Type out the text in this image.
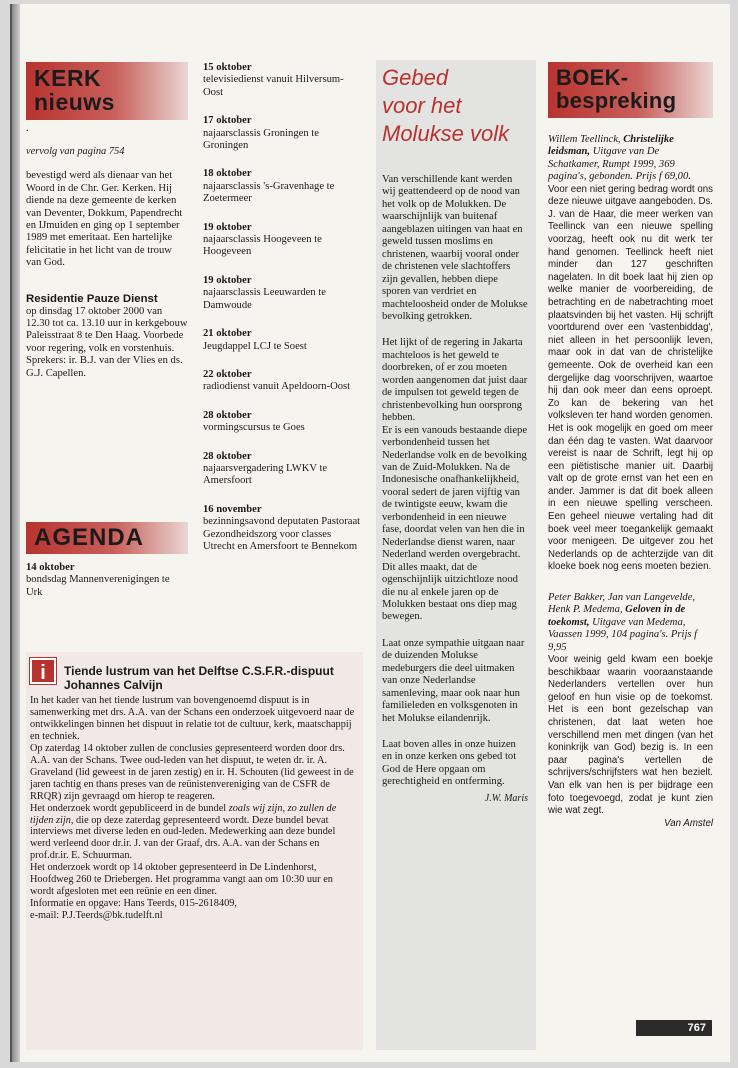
KERK
nieuws
.
vervolg van pagina 754
bevestigd werd als dienaar van het Woord in de Chr. Ger. Kerken. Hij diende na deze gemeente de kerken van Deventer, Dokkum, Papendrecht en IJmuiden en ging op 1 september 1989 met emeritaat. Een hartelijke felicitatie in het licht van de trouw van God.
Residentie Pauze Dienst
op dinsdag 17 oktober 2000 van 12.30 tot ca. 13.10 uur in kerkgebouw Paleisstraat 8 te Den Haag. Voorbede voor regering, volk en vorstenhuis. Sprekers: ir. B.J. van der Vlies en ds. G.J. Capellen.
AGENDA
14 oktober
bondsdag Mannenverenigingen te Urk
15 oktober
televisiedienst vanuit Hilversum-Oost
17 oktober
najaarsclassis Groningen te Groningen
18 oktober
najaarsclassis 's-Gravenhage te Zoetermeer
19 oktober
najaarsclassis Hoogeveen te Hoogeveen
19 oktober
najaarsclassis Leeuwarden te Damwoude
21 oktober
Jeugdappel LCJ te Soest
22 oktober
radiodienst vanuit Apeldoorn-Oost
28 oktober
vormingscursus te Goes
28 oktober
najaarsvergadering LWKV te Amersfoort
16 november
bezinningsavond deputaten Pastoraat Gezondheidszorg voor classes Utrecht en Amersfoort te Bennekom
i	Tiende lustrum van het Delftse C.S.F.R.-dispuut Johannes Calvijn

In het kader van het tiende lustrum van bovengenoemd dispuut is in samenwerking met drs. A.A. van der Schans een onderzoek uitgevoerd naar de ontwikkelingen binnen het dispuut in relatie tot de cultuur, kerk, maatschappij en techniek.

Op zaterdag 14 oktober zullen de conclusies gepresenteerd worden door drs. A.A. van der Schans. Twee oud-leden van het dispuut, te weten dr. ir. A. Graveland (lid geweest in de jaren zestig) en ir. H. Schouten (lid geweest in de jaren tachtig en thans preses van de reünistenvereniging van de CSFR de RRQR) zijn gevraagd om hierop te reageren.

Het onderzoek wordt gepubliceerd in de bundel zoals wij zijn, zo zullen de tijden zijn, die op deze zaterdag gepresenteerd wordt. Deze bundel bevat interviews met diverse leden en oud-leden. Medewerking aan deze bundel werd verleend door dr.ir. J. van der Graaf, drs. A.A. van der Schans en prof.dr.ir. E. Schuurman.

Het onderzoek wordt op 14 oktober gepresenteerd in De Lindenhorst, Hoofdweg 260 te Driebergen. Het programma vangt aan om 10:30 uur en wordt afgesloten met een reünie en een diner.

Informatie en opgave: Hans Teerds, 015-2618409,

e-mail: P.J.Teerds@bk.tudelft.nl

Gebed
voor het
Molukse volk
Van verschillende kant werden wij geattendeerd op de nood van het volk op de Molukken. De waarschijnlijk van buitenaf aangeblazen uitingen van haat en geweld tussen moslims en christenen, waarbij vooral onder de christenen vele slachtoffers zijn gevallen, hebben diepe sporen van verdriet en machteloosheid onder de Molukse bevolking getrokken.
Het lijkt of de regering in Jakarta machteloos is het geweld te doorbreken, of er zou moeten worden aangenomen dat juist daar de impulsen tot geweld tegen de christenbevolking hun oorsprong hebben.
Er is een vanouds bestaande diepe verbondenheid tussen het Nederlandse volk en de bevolking van de Zuid-Molukken. Na de Indonesische onafhankelijkheid, vooral sedert de jaren vijftig van de twintigste eeuw, kwam die verbondenheid in een nieuwe fase, doordat velen van hen die in Nederlandse dienst waren, naar Nederland werden overgebracht. Dit alles maakt, dat de ogenschijnlijk uitzichtloze nood die nu al enkele jaren op de Molukken bestaat ons diep mag bewegen.
Laat onze sympathie uitgaan naar de duizenden Molukse medeburgers die deel uitmaken van onze Nederlandse samenleving, maar ook naar hun familieleden en volksgenoten in het Molukse eilandenrijk.
Laat boven alles in onze huizen en in onze kerken ons gebed tot God de Here opgaan om gerechtigheid en ontferming.
J.W. Maris
BOEK-
bespreking
Willem Teellinck, Christelijke leidsman, Uitgave van De Schatkamer, Rumpt 1999, 369 pagina's, gebonden. Prijs f 69,00.
Voor een niet gering bedrag wordt ons deze nieuwe uitgave aangeboden. Ds. J. van de Haar, die meer werken van Teellinck van een nieuwe spelling voorzag, heeft ook nu dit werk ter hand genomen. Teellinck heeft niet minder dan 127 geschriften nagelaten. In dit boek laat hij zien op welke manier de voorbereiding, de betrachting en de nabetrachting moet plaatsvinden bij het vasten. Hij schrijft voortdurend over een 'vastenbiddag', niet alleen in het persoonlijk leven, maar ook in dat van de christelijke gemeente. Ook de overheid kan een dergelijke dag voorschrijven, waartoe hij dan ook meer dan eens oproept. Zo kan de bekering van het volksleven ter hand worden genomen. Het is ook mogelijk en goed om meer dan één dag te vasten. Wat daarvoor vereist is naar de Schrift, legt hij op een piëtistische manier uit. Daarbij valt op de grote ernst van het een en ander. Jammer is dat dit boek alleen in een nieuwe spelling verscheen. Een geheel nieuwe vertaling had dit boek veel meer toegankelijk gemaakt voor menigeen. De uitgever zou het Nederlands op de achterzijde van dit kloeke boek nog eens moeten bezien.
Peter Bakker, Jan van Langevelde, Henk P. Medema, Geloven in de toekomst, Uitgave van Medema, Vaassen 1999, 104 pagina's. Prijs f 9,95
Voor weinig geld kwam een boekje beschikbaar waarin vooraanstaande Nederlanders vertellen over hun geloof en hun visie op de toekomst. Het is een bont gezelschap van christenen, dat laat weten hoe verschillend men met dingen (van het koninkrijk van God) bezig is. In een paar pagina's vertellen de schrijvers/schrijfsters wat hen bezielt. Van elk van hen is per bijdrage een foto toegevoegd, zodat je kunt zien wie wat zegt.
Van Amstel
767
